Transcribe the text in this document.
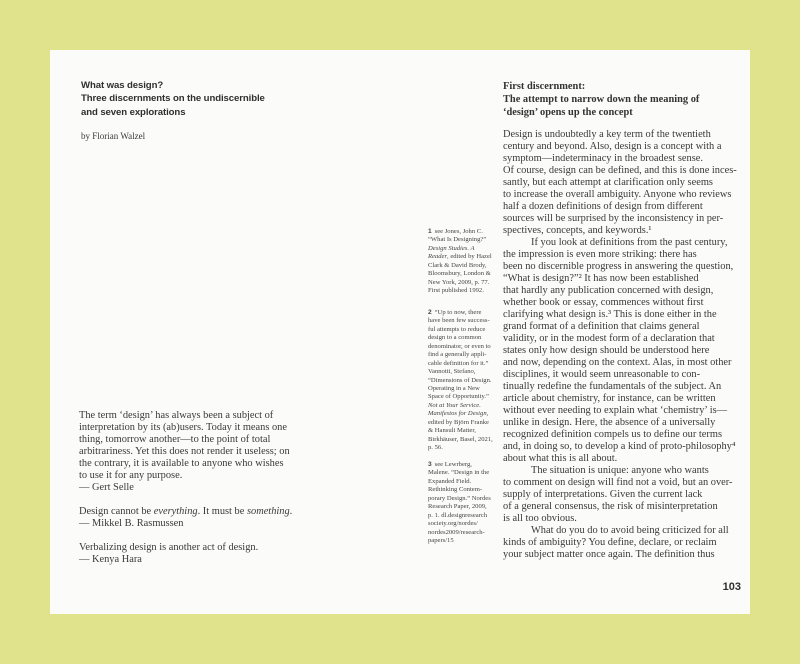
What was design?
Three discernments on the undiscernible
and seven explorations
by Florian Walzel
The term ‘design’ has always been a subject of
interpretation by its (ab)users. Today it means one
thing, tomorrow another—to the point of total
arbitrariness. Yet this does not render it useless; on
the contrary, it is available to anyone who wishes
to use it for any purpose.
— Gert Selle
Design cannot be everything. It must be something.
— Mikkel B. Rasmussen
Verbalizing design is another act of design.
— Kenya Hara
1 see Jones, John C.
“What Is Designing?”
Design Studies. A
Reader, edited by Hazel
Clark & David Brody,
Bloomsbury, London &
New York, 2009, p. 77.
First published 1992.
2 “Up to now, there
have been few success-
ful attempts to reduce
design to a common
denominator, or even to
find a generally appli-
cable definition for it.”
Vannotti, Stefano,
“Dimensions of Design.
Operating in a New
Space of Opportunity.”
Not at Your Service.
Manifestos for Design,
edited by Björn Franke
& Hansuli Matter,
Birkhäuser, Basel, 2021,
p. 56.
3 see Lewrberg,
Malene. “Design in the
Expanded Field.
Rethinking Contem-
porary Design.” Nordes
Research Paper, 2009,
p. 1. dl.designresearch
society.org/nordes/
nordes2009/research-
papers/15
First discernment:
The attempt to narrow down the meaning of
‘design’ opens up the concept
Design is undoubtedly a key term of the twentieth
century and beyond. Also, design is a concept with a
symptom—indeterminacy in the broadest sense.
Of course, design can be defined, and this is done inces-
santly, but each attempt at clarification only seems
to increase the overall ambiguity. Anyone who reviews
half a dozen definitions of design from different
sources will be surprised by the inconsistency in per-
spectives, concepts, and keywords.¹
If you look at definitions from the past century,
the impression is even more striking: there has
been no discernible progress in answering the question,
“What is design?”² It has now been established
that hardly any publication concerned with design,
whether book or essay, commences without first
clarifying what design is.³ This is done either in the
grand format of a definition that claims general
validity, or in the modest form of a declaration that
states only how design should be understood here
and now, depending on the context. Alas, in most other
disciplines, it would seem unreasonable to con-
tinually redefine the fundamentals of the subject. An
article about chemistry, for instance, can be written
without ever needing to explain what ‘chemistry’ is—
unlike in design. Here, the absence of a universally
recognized definition compels us to define our terms
and, in doing so, to develop a kind of proto-philosophy⁴
about what this is all about.
The situation is unique: anyone who wants
to comment on design will find not a void, but an over-
supply of interpretations. Given the current lack
of a general consensus, the risk of misinterpretation
is all too obvious.
What do you do to avoid being criticized for all
kinds of ambiguity? You define, declare, or reclaim
your subject matter once again. The definition thus
103
